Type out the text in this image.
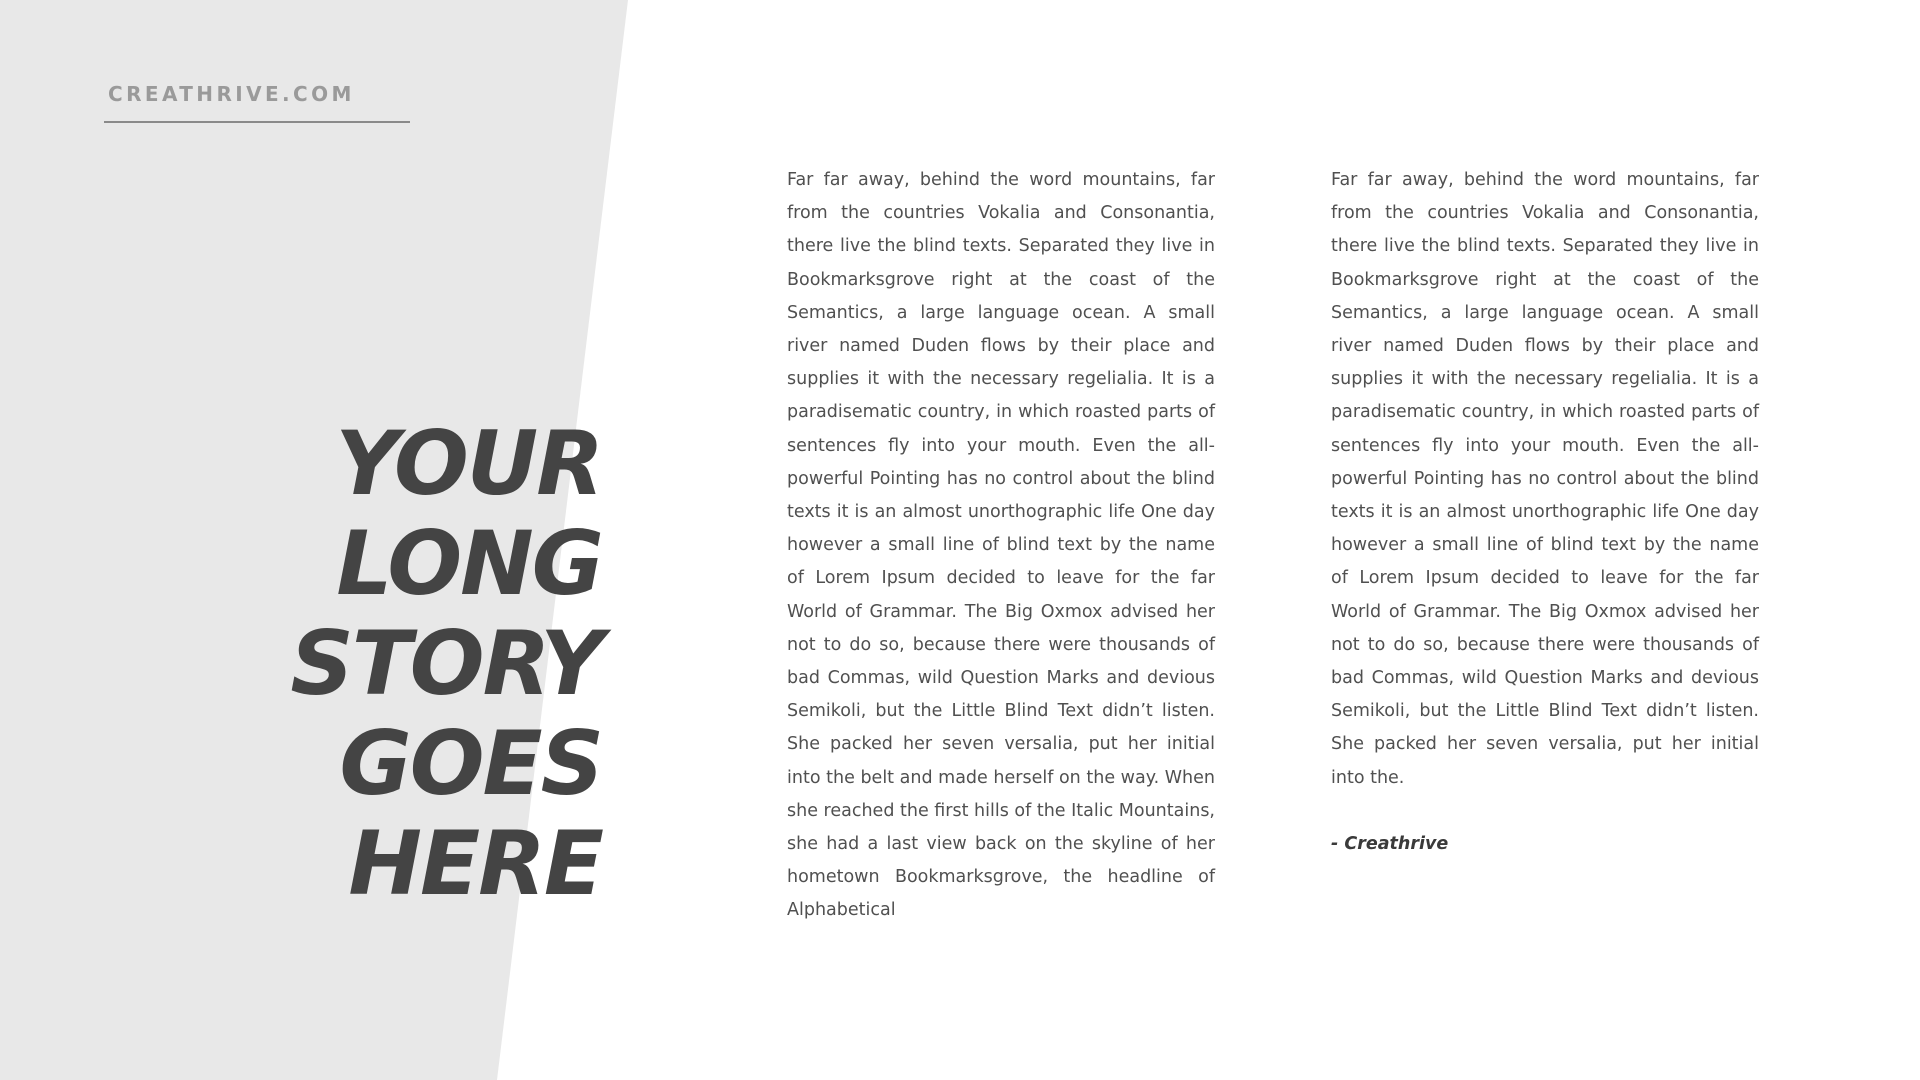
CREATHRIVE.COM
YOUR
LONG
STORY
GOES
HERE

Far far away, behind the word mountains, far from the countries Vokalia and Consonantia, there live the blind texts. Separated they live in Bookmarksgrove right at the coast of the Semantics, a large language ocean. A small river named Duden flows by their place and supplies it with the necessary regelialia. It is a paradisematic country, in which roasted parts of sentences fly into your mouth. Even the all-powerful Pointing has no control about the blind texts it is an almost unorthographic life One day however a small line of blind text by the name of Lorem Ipsum decided to leave for the far World of Grammar. The Big Oxmox advised her not to do so, because there were thousands of bad Commas, wild Question Marks and devious Semikoli, but the Little Blind Text didn’t listen. She packed her seven versalia, put her initial into the belt and made herself on the way. When she reached the first hills of the Italic Mountains, she had a last view back on the skyline of her hometown Bookmarksgrove, the headline of Alphabetical

Far far away, behind the word mountains, far from the countries Vokalia and Consonantia, there live the blind texts. Separated they live in Bookmarksgrove right at the coast of the Semantics, a large language ocean. A small river named Duden flows by their place and supplies it with the necessary regelialia. It is a paradisematic country, in which roasted parts of sentences fly into your mouth. Even the all-powerful Pointing has no control about the blind texts it is an almost unorthographic life One day however a small line of blind text by the name of Lorem Ipsum decided to leave for the far World of Grammar. The Big Oxmox advised her not to do so, because there were thousands of bad Commas, wild Question Marks and devious Semikoli, but the Little Blind Text didn’t listen. She packed her seven versalia, put her initial into the.

- Creathrive
